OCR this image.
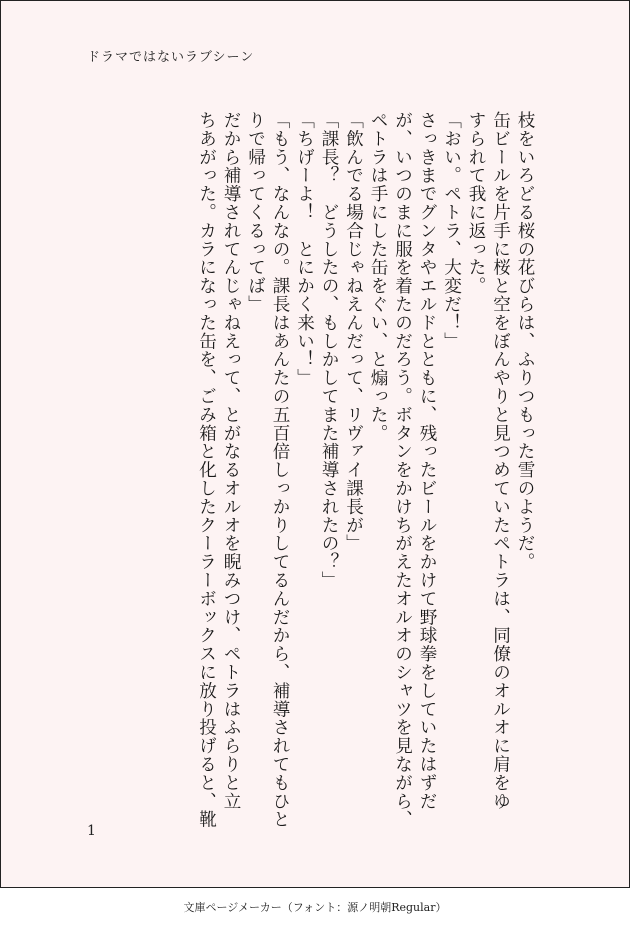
ドラマではないラブシーン

枝をいろどる桜の花びらは、ふりつもった雪のようだ。

缶ビールを片手に桜と空をぼんやりと見つめていたペトラは、同僚のオルオに肩をゆ

すられて我に返った。

「おい。ペトラ、大変だ！」

さっきまでグンタやエルドとともに、残ったビールをかけて野球拳をしていたはずだ

が、いつのまに服を着たのだろう。ボタンをかけちがえたオルオのシャツを見ながら、

ペトラは手にした缶をぐい、と煽った。

「飲んでる場合じゃねえんだって、リヴァイ課長が」

「課長？　どうしたの、もしかしてまた補導されたの？」

「ちげーよ！　とにかく来い！」

「もう、なんなの。課長はあんたの五百倍しっかりしてるんだから、補導されてもひと

りで帰ってくるってば」

だから補導されてんじゃねえって、とがなるオルオを睨みつけ、ペトラはふらりと立

ちあがった。カラになった缶を、ごみ箱と化したクーラーボックスに放り投げると、靴

1
文庫ページメーカー（フォント：源ノ明朝Regular）
